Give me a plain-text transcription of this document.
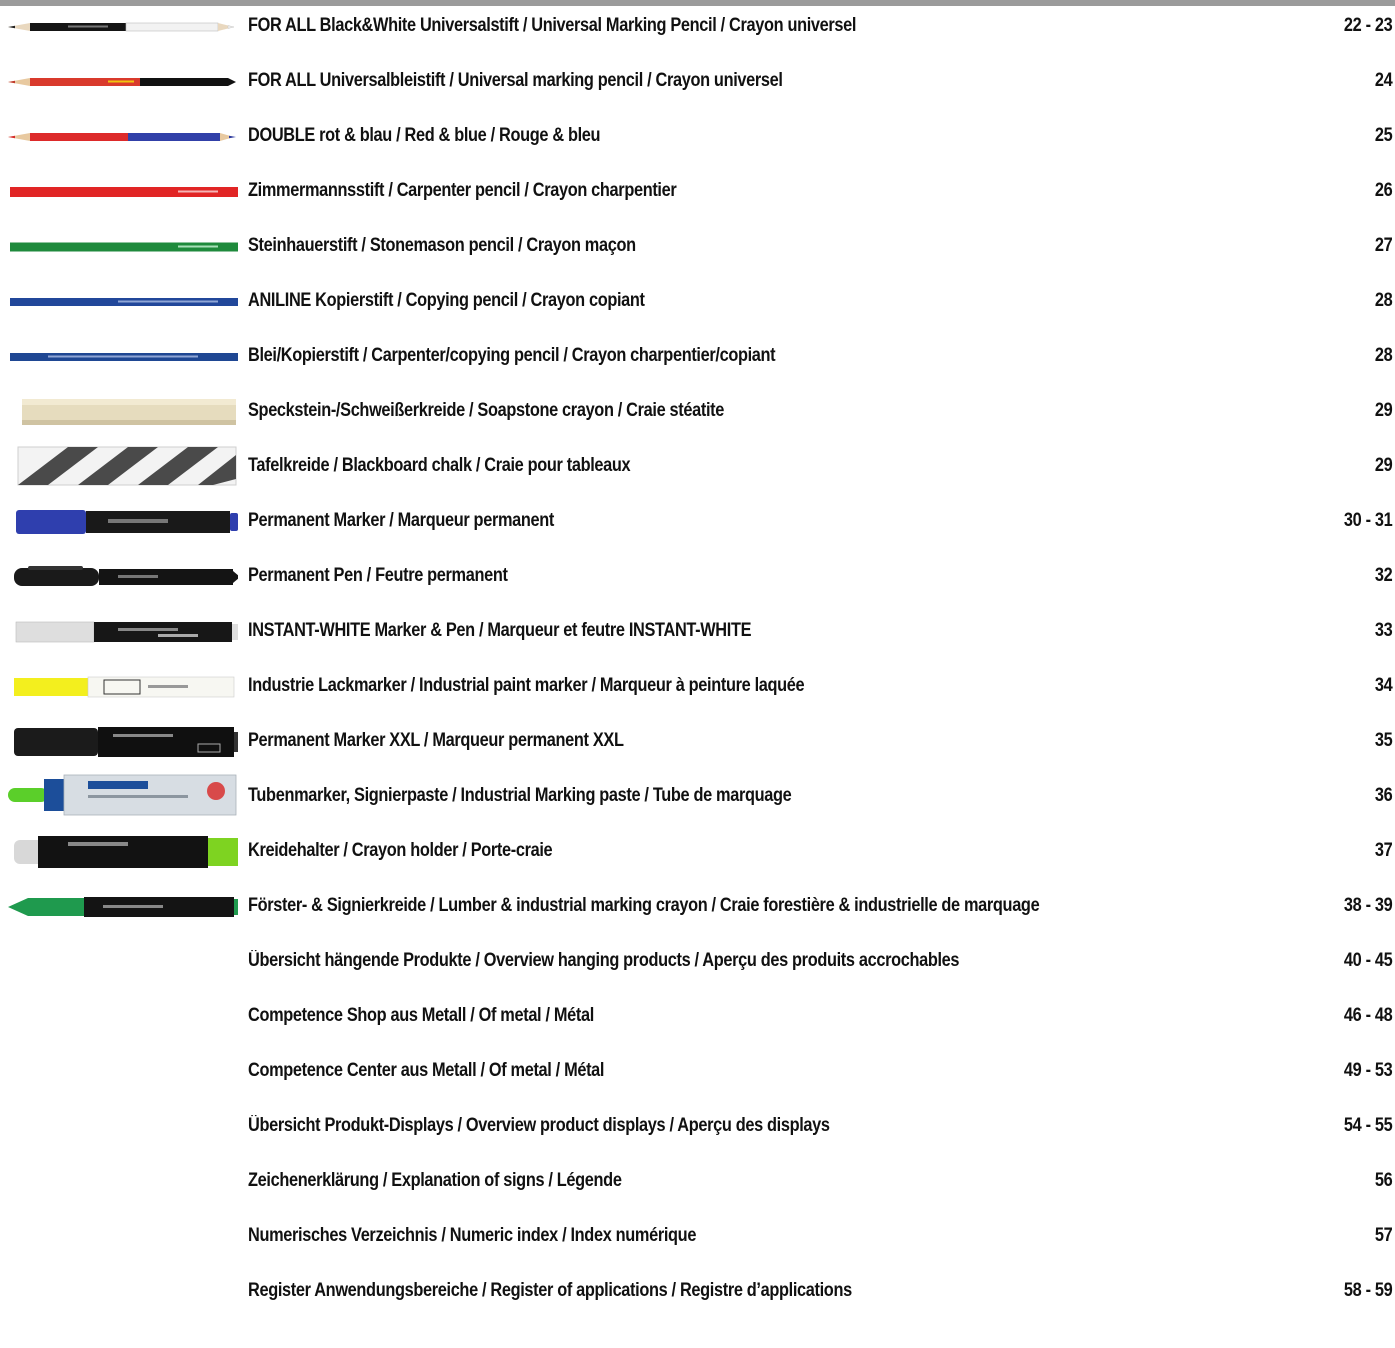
FOR ALL Black&White Universalstift / Universal Marking Pencil / Crayon universel	22 - 23
FOR ALL Universalbleistift / Universal marking pencil / Crayon universel	24
DOUBLE rot & blau / Red & blue / Rouge & bleu	25
Zimmermannsstift / Carpenter pencil / Crayon charpentier	26
Steinhauerstift / Stonemason pencil / Crayon maçon	27
ANILINE Kopierstift / Copying pencil / Crayon copiant	28
Blei/Kopierstift / Carpenter/copying pencil / Crayon charpentier/copiant	28
Speckstein-/Schweißerkreide / Soapstone crayon / Craie stéatite	29
Tafelkreide / Blackboard chalk / Craie pour tableaux	29
Permanent Marker / Marqueur permanent	30 - 31
Permanent Pen / Feutre permanent	32
INSTANT-WHITE Marker & Pen / Marqueur et feutre INSTANT-WHITE	33
Industrie Lackmarker / Industrial paint marker / Marqueur à peinture laquée	34
Permanent Marker XXL / Marqueur permanent XXL	35
Tubenmarker, Signierpaste / Industrial Marking paste / Tube de marquage	36
Kreidehalter / Crayon holder / Porte-craie	37
Förster- & Signierkreide / Lumber & industrial marking crayon / Craie forestière & industrielle de marquage	38 - 39
Übersicht hängende Produkte / Overview hanging products / Aperçu des produits accrochables	40 - 45
Competence Shop aus Metall / Of metal / Métal	46 - 48
Competence Center aus Metall / Of metal / Métal	49 - 53
Übersicht Produkt-Displays / Overview product displays / Aperçu des displays	54 - 55
Zeichenerklärung / Explanation of signs / Légende	56
Numerisches Verzeichnis / Numeric index / Index numérique	57
Register Anwendungsbereiche / Register of applications / Registre d’applications	58 - 59
